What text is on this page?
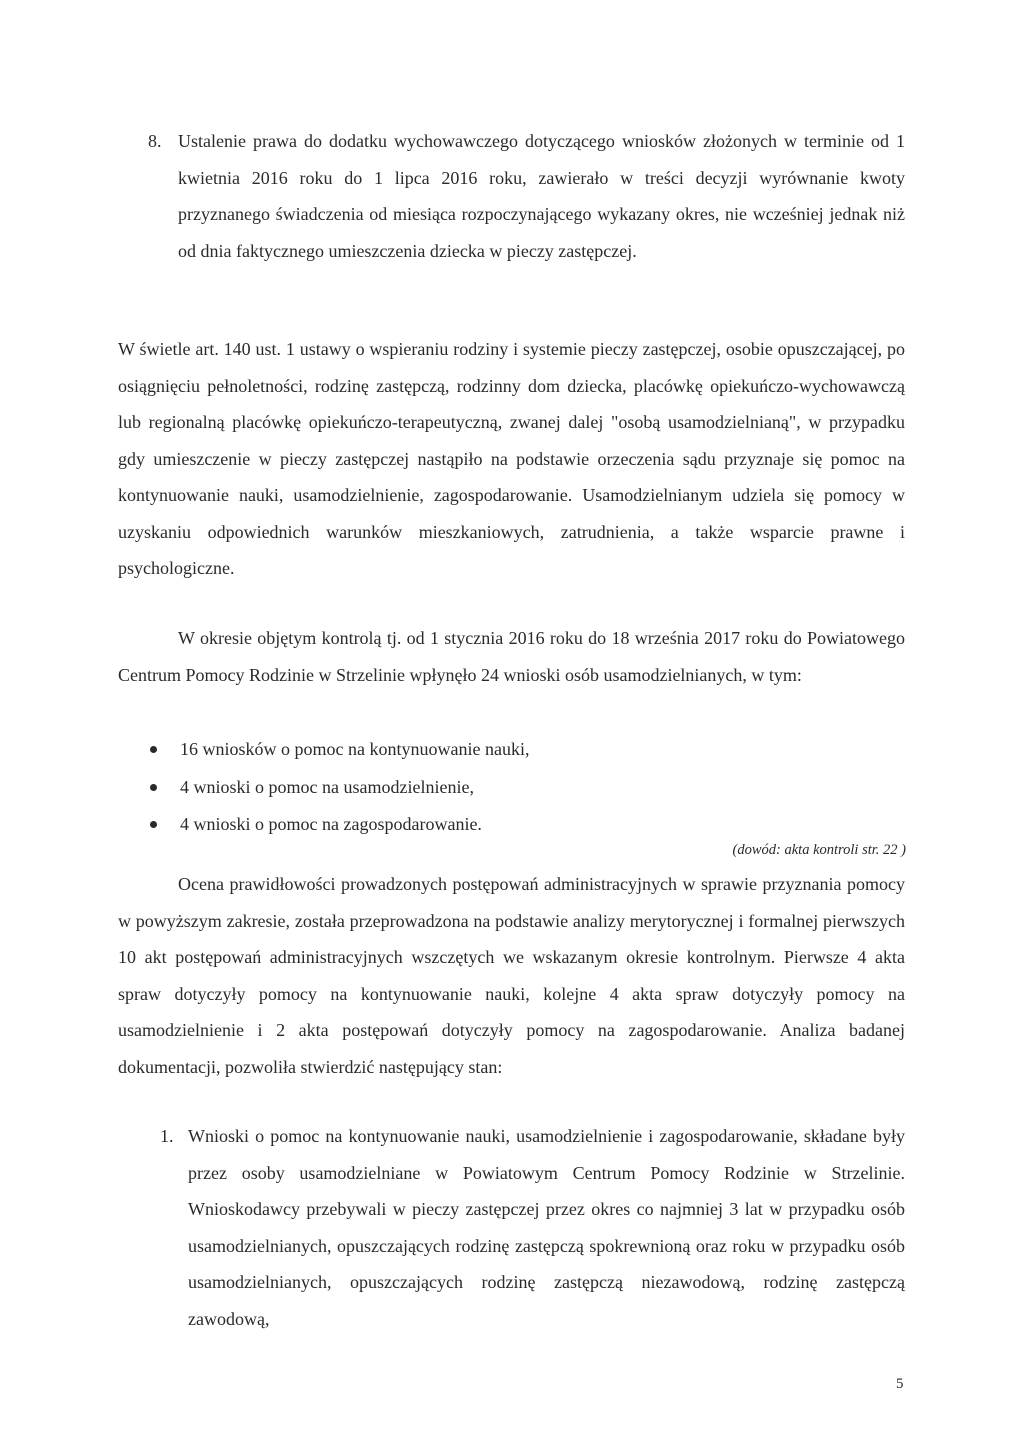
8. Ustalenie prawa do dodatku wychowawczego dotyczącego wniosków złożonych w terminie od 1 kwietnia 2016 roku do 1 lipca 2016 roku, zawierało w treści decyzji wyrównanie kwoty przyznanego świadczenia od miesiąca rozpoczynającego wykazany okres, nie wcześniej jednak niż od dnia faktycznego umieszczenia dziecka w pieczy zastępczej.

W świetle art. 140 ust. 1 ustawy o wspieraniu rodziny i systemie pieczy zastępczej, osobie opuszczającej, po osiągnięciu pełnoletności, rodzinę zastępczą, rodzinny dom dziecka, placówkę opiekuńczo-wychowawczą lub regionalną placówkę opiekuńczo-terapeutyczną, zwanej dalej "osobą usamodzielnianą", w przypadku gdy umieszczenie w pieczy zastępczej nastąpiło na podstawie orzeczenia sądu przyznaje się pomoc na kontynuowanie nauki, usamodzielnienie, zagospodarowanie. Usamodzielnianym udziela się pomocy w uzyskaniu odpowiednich warunków mieszkaniowych, zatrudnienia, a także wsparcie prawne i psychologiczne.

W okresie objętym kontrolą tj. od 1 stycznia 2016 roku do 18 września 2017 roku do Powiatowego Centrum Pomocy Rodzinie w Strzelinie wpłynęło 24 wnioski osób usamodzielnianych, w tym:

16 wniosków o pomoc na kontynuowanie nauki,
4 wnioski o pomoc na usamodzielnienie,
4 wnioski o pomoc na zagospodarowanie.
(dowód: akta kontroli str. 22 )

Ocena prawidłowości prowadzonych postępowań administracyjnych w sprawie przyznania pomocy w powyższym zakresie, została przeprowadzona na podstawie analizy merytorycznej i formalnej pierwszych 10 akt postępowań administracyjnych wszczętych we wskazanym okresie kontrolnym. Pierwsze 4 akta spraw dotyczyły pomocy na kontynuowanie nauki, kolejne 4 akta spraw dotyczyły pomocy na usamodzielnienie i 2 akta postępowań dotyczyły pomocy na zagospodarowanie. Analiza badanej dokumentacji, pozwoliła stwierdzić następujący stan:

1. Wnioski o pomoc na kontynuowanie nauki, usamodzielnienie i zagospodarowanie, składane były przez osoby usamodzielniane w Powiatowym Centrum Pomocy Rodzinie w Strzelinie. Wnioskodawcy przebywali w pieczy zastępczej przez okres co najmniej 3 lat w przypadku osób usamodzielnianych, opuszczających rodzinę zastępczą spokrewnioną oraz roku w przypadku osób usamodzielnianych, opuszczających rodzinę zastępczą niezawodową, rodzinę zastępczą zawodową,

5
